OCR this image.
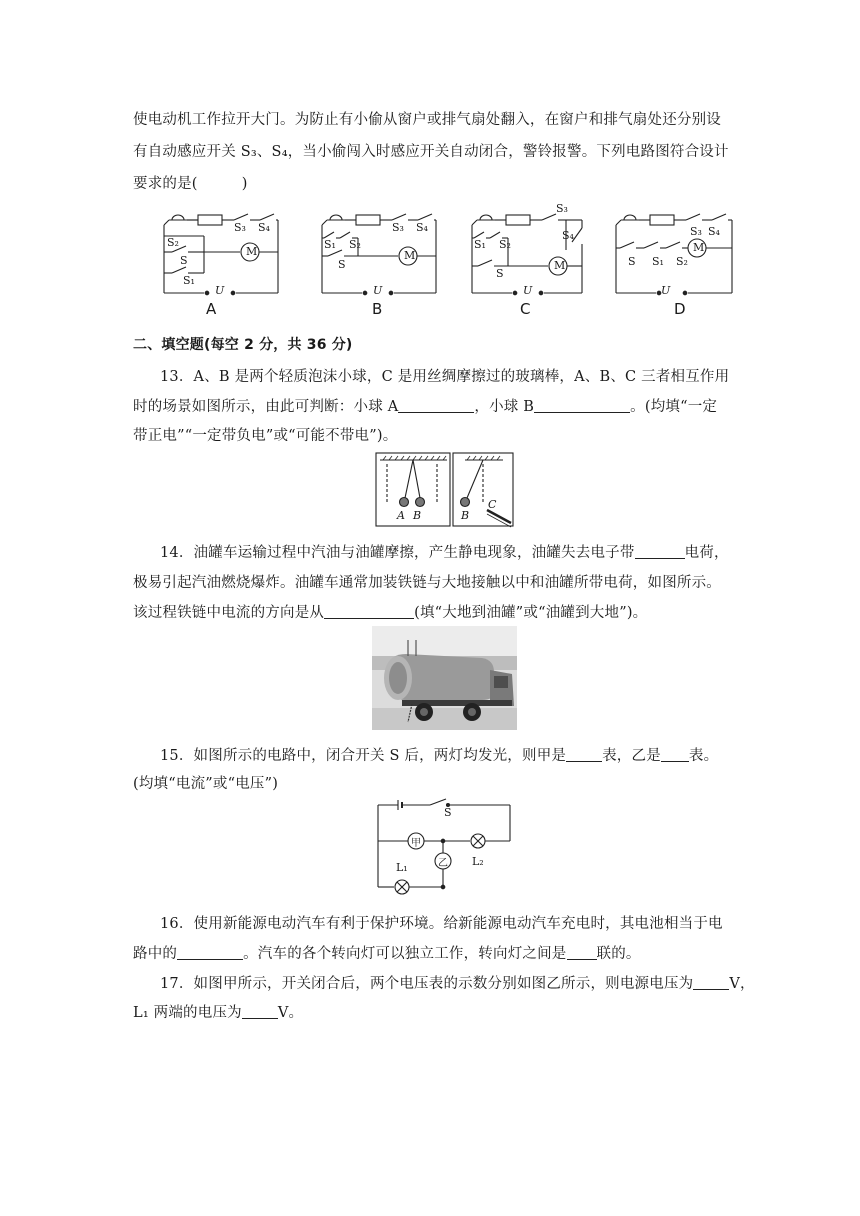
使电动机工作拉开大门。为防止有小偷从窗户或排气扇处翻入，在窗户和排气扇处还分别设
有自动感应开关 S₃、S₄，当小偷闯入时感应开关自动闭合，警铃报警。下列电路图符合设计
要求的是(　　　)
S₃ S₄
S₂
S
S₁
M
U
S₃ S₄
S₁ S₂
S
M
U
S₃
S₄
S₁ S₂
S
M
U
S₃ S₄
S S₁ S₂
M
U
A	B	C	D
二、填空题(每空 2 分，共 36 分)
13．A、B 是两个轻质泡沫小球，C 是用丝绸摩擦过的玻璃棒，A、B、C 三者相互作用
时的场景如图所示，由此可判断：小球 A	，小球 B	。(均填“一定
带正电”“一定带负电”或“可能不带电”)。
A B	B
C
14．油罐车运输过程中汽油与油罐摩擦，产生静电现象，油罐失去电子带	电荷，
极易引起汽油燃烧爆炸。油罐车通常加装铁链与大地接触以中和油罐所带电荷，如图所示。
该过程铁链中电流的方向是从	(填“大地到油罐”或“油罐到大地”)。
15．如图所示的电路中，闭合开关 S 后，两灯均发光，则甲是 表，乙是 表。
(均填“电流”或“电压”)
S
甲
乙
L₁	L₂
16．使用新能源电动汽车有利于保护环境。给新能源电动汽车充电时，其电池相当于电
路中的	。汽车的各个转向灯可以独立工作，转向灯之间是 联的。
17．如图甲所示，开关闭合后，两个电压表的示数分别如图乙所示，则电源电压为 V，
L₁ 两端的电压为 V。
